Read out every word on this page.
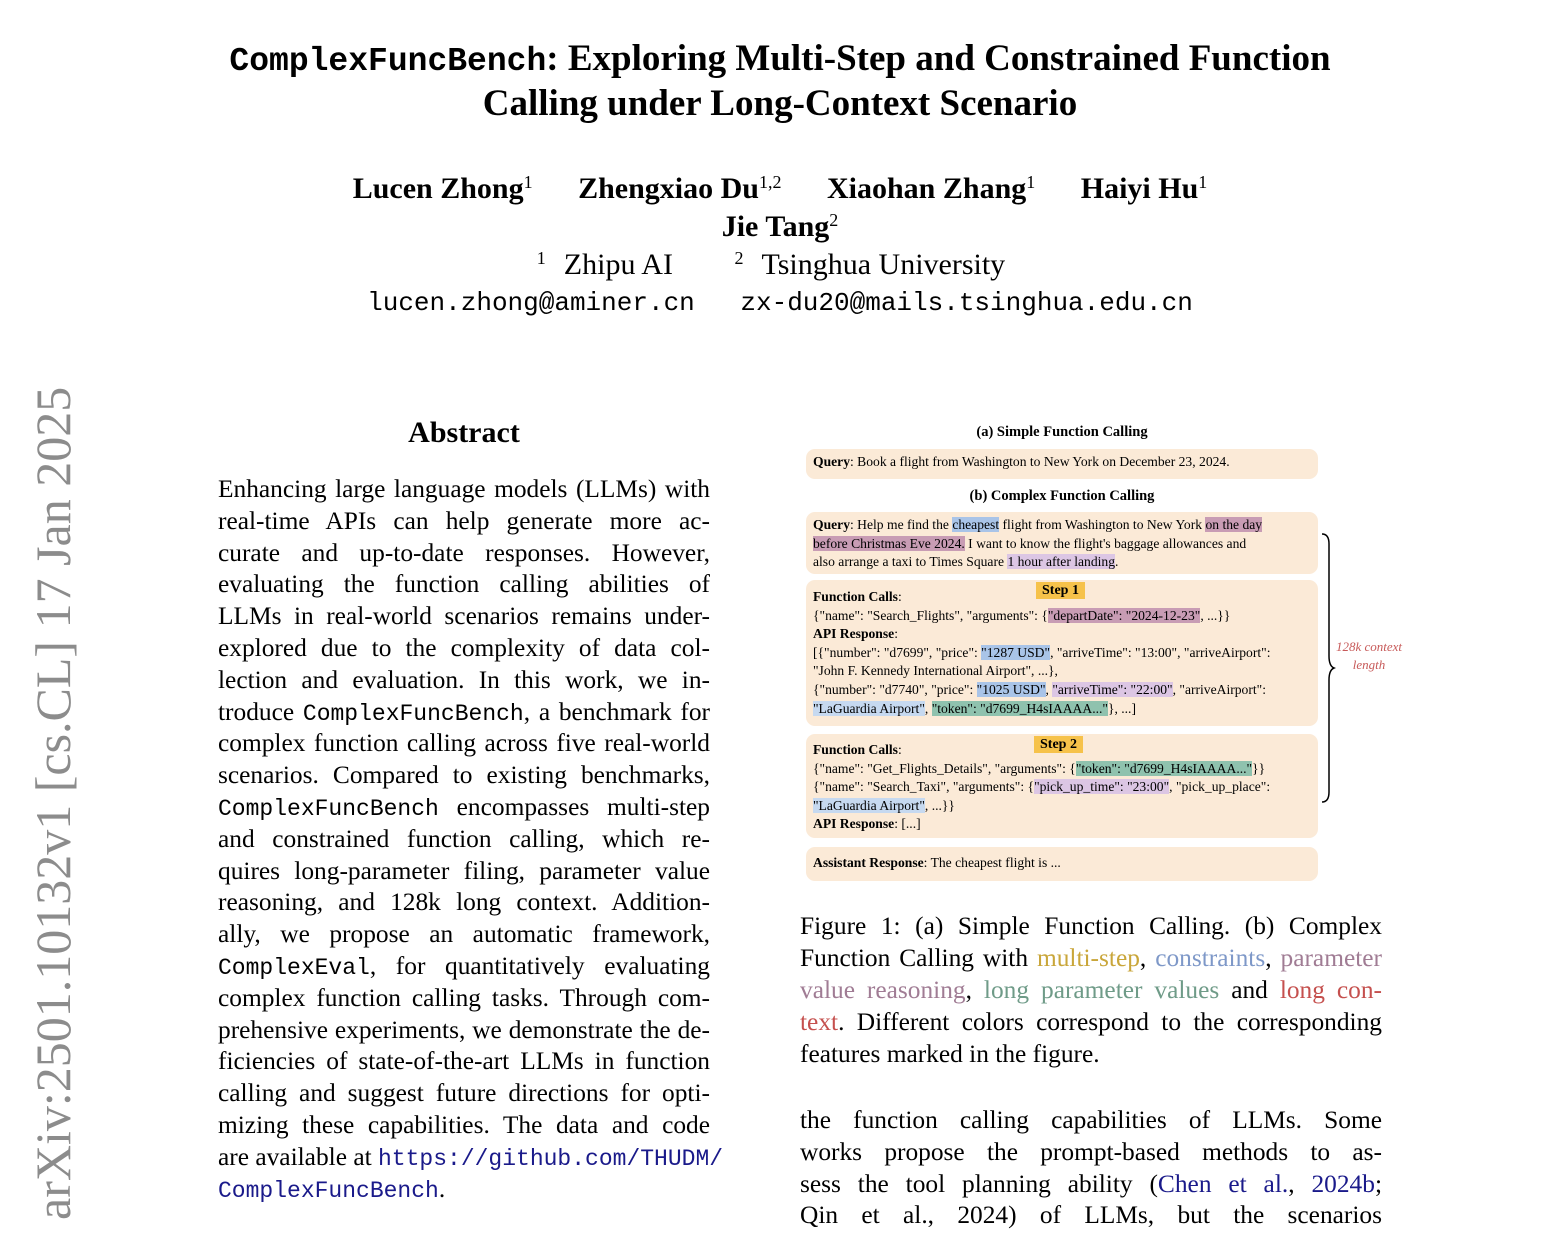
arXiv:2501.10132v1 [cs.CL] 17 Jan 2025
ComplexFuncBench: Exploring Multi-Step and Constrained Function
Calling under Long-Context Scenario
Lucen Zhong$^1$ Zhengxiao Du$^{1,2}$ Xiaohan Zhang$^1$ Haiyi Hu$^1$
Jie Tang$^2$
$^1$ Zhipu AI	$^2$ Tsinghua University
lucen.zhong@aminer.cn zx-du20@mails.tsinghua.edu.cn
Abstract
Enhancing large language models (LLMs) with
real-time APIs can help generate more ac-
curate and up-to-date responses. However,
evaluating the function calling abilities of
LLMs in real-world scenarios remains under-
explored due to the complexity of data col-
lection and evaluation. In this work, we in-
troduce ComplexFuncBench, a benchmark for
complex function calling across five real-world
scenarios. Compared to existing benchmarks,
ComplexFuncBench encompasses multi-step
and constrained function calling, which re-
quires long-parameter filing, parameter value
reasoning, and 128k long context. Addition-
ally, we propose an automatic framework,
ComplexEval, for quantitatively evaluating
complex function calling tasks. Through com-
prehensive experiments, we demonstrate the de-
ficiencies of state-of-the-art LLMs in function
calling and suggest future directions for opti-
mizing these capabilities. The data and code
are available at https://github.com/THUDM/
ComplexFuncBench.
(a) Simple Function Calling
Query: Book a flight from Washington to New York on December 23, 2024.
(b) Complex Function Calling
Query: Help me find the cheapest flight from Washington to New York on the day
before Christmas Eve 2024. I want to know the flight's baggage allowances and
also arrange a taxi to Times Square 1 hour after landing.
Function Calls:
{"name": "Search_Flights", "arguments": {"departDate": "2024-12-23", ...}}
API Response:
[{"number": "d7699", "price": "1287 USD", "arriveTime": "13:00", "arriveAirport":
"John F. Kennedy International Airport", ...},
{"number": "d7740", "price": "1025 USD", "arriveTime": "22:00", "arriveAirport":
"LaGuardia Airport", "token": "d7699_H4sIAAAA..."}, ...]
Step 1
Function Calls:
{"name": "Get_Flights_Details", "arguments": {"token": "d7699_H4sIAAAA..."}}
{"name": "Search_Taxi", "arguments": {"pick_up_time": "23:00", "pick_up_place":
"LaGuardia Airport", ...}}
API Response: [...]
Step 2
Assistant Response: The cheapest flight is ...
128k context length
Figure 1: (a) Simple Function Calling. (b) Complex Function Calling with multi-step, constraints, parameter value reasoning, long parameter values and long con-text. Different colors correspond to the corresponding features marked in the figure.
the function calling capabilities of LLMs. Some
works propose the prompt-based methods to as-
sess the tool planning ability (Chen et al., 2024b;
Qin et al., 2024) of LLMs, but the scenarios
